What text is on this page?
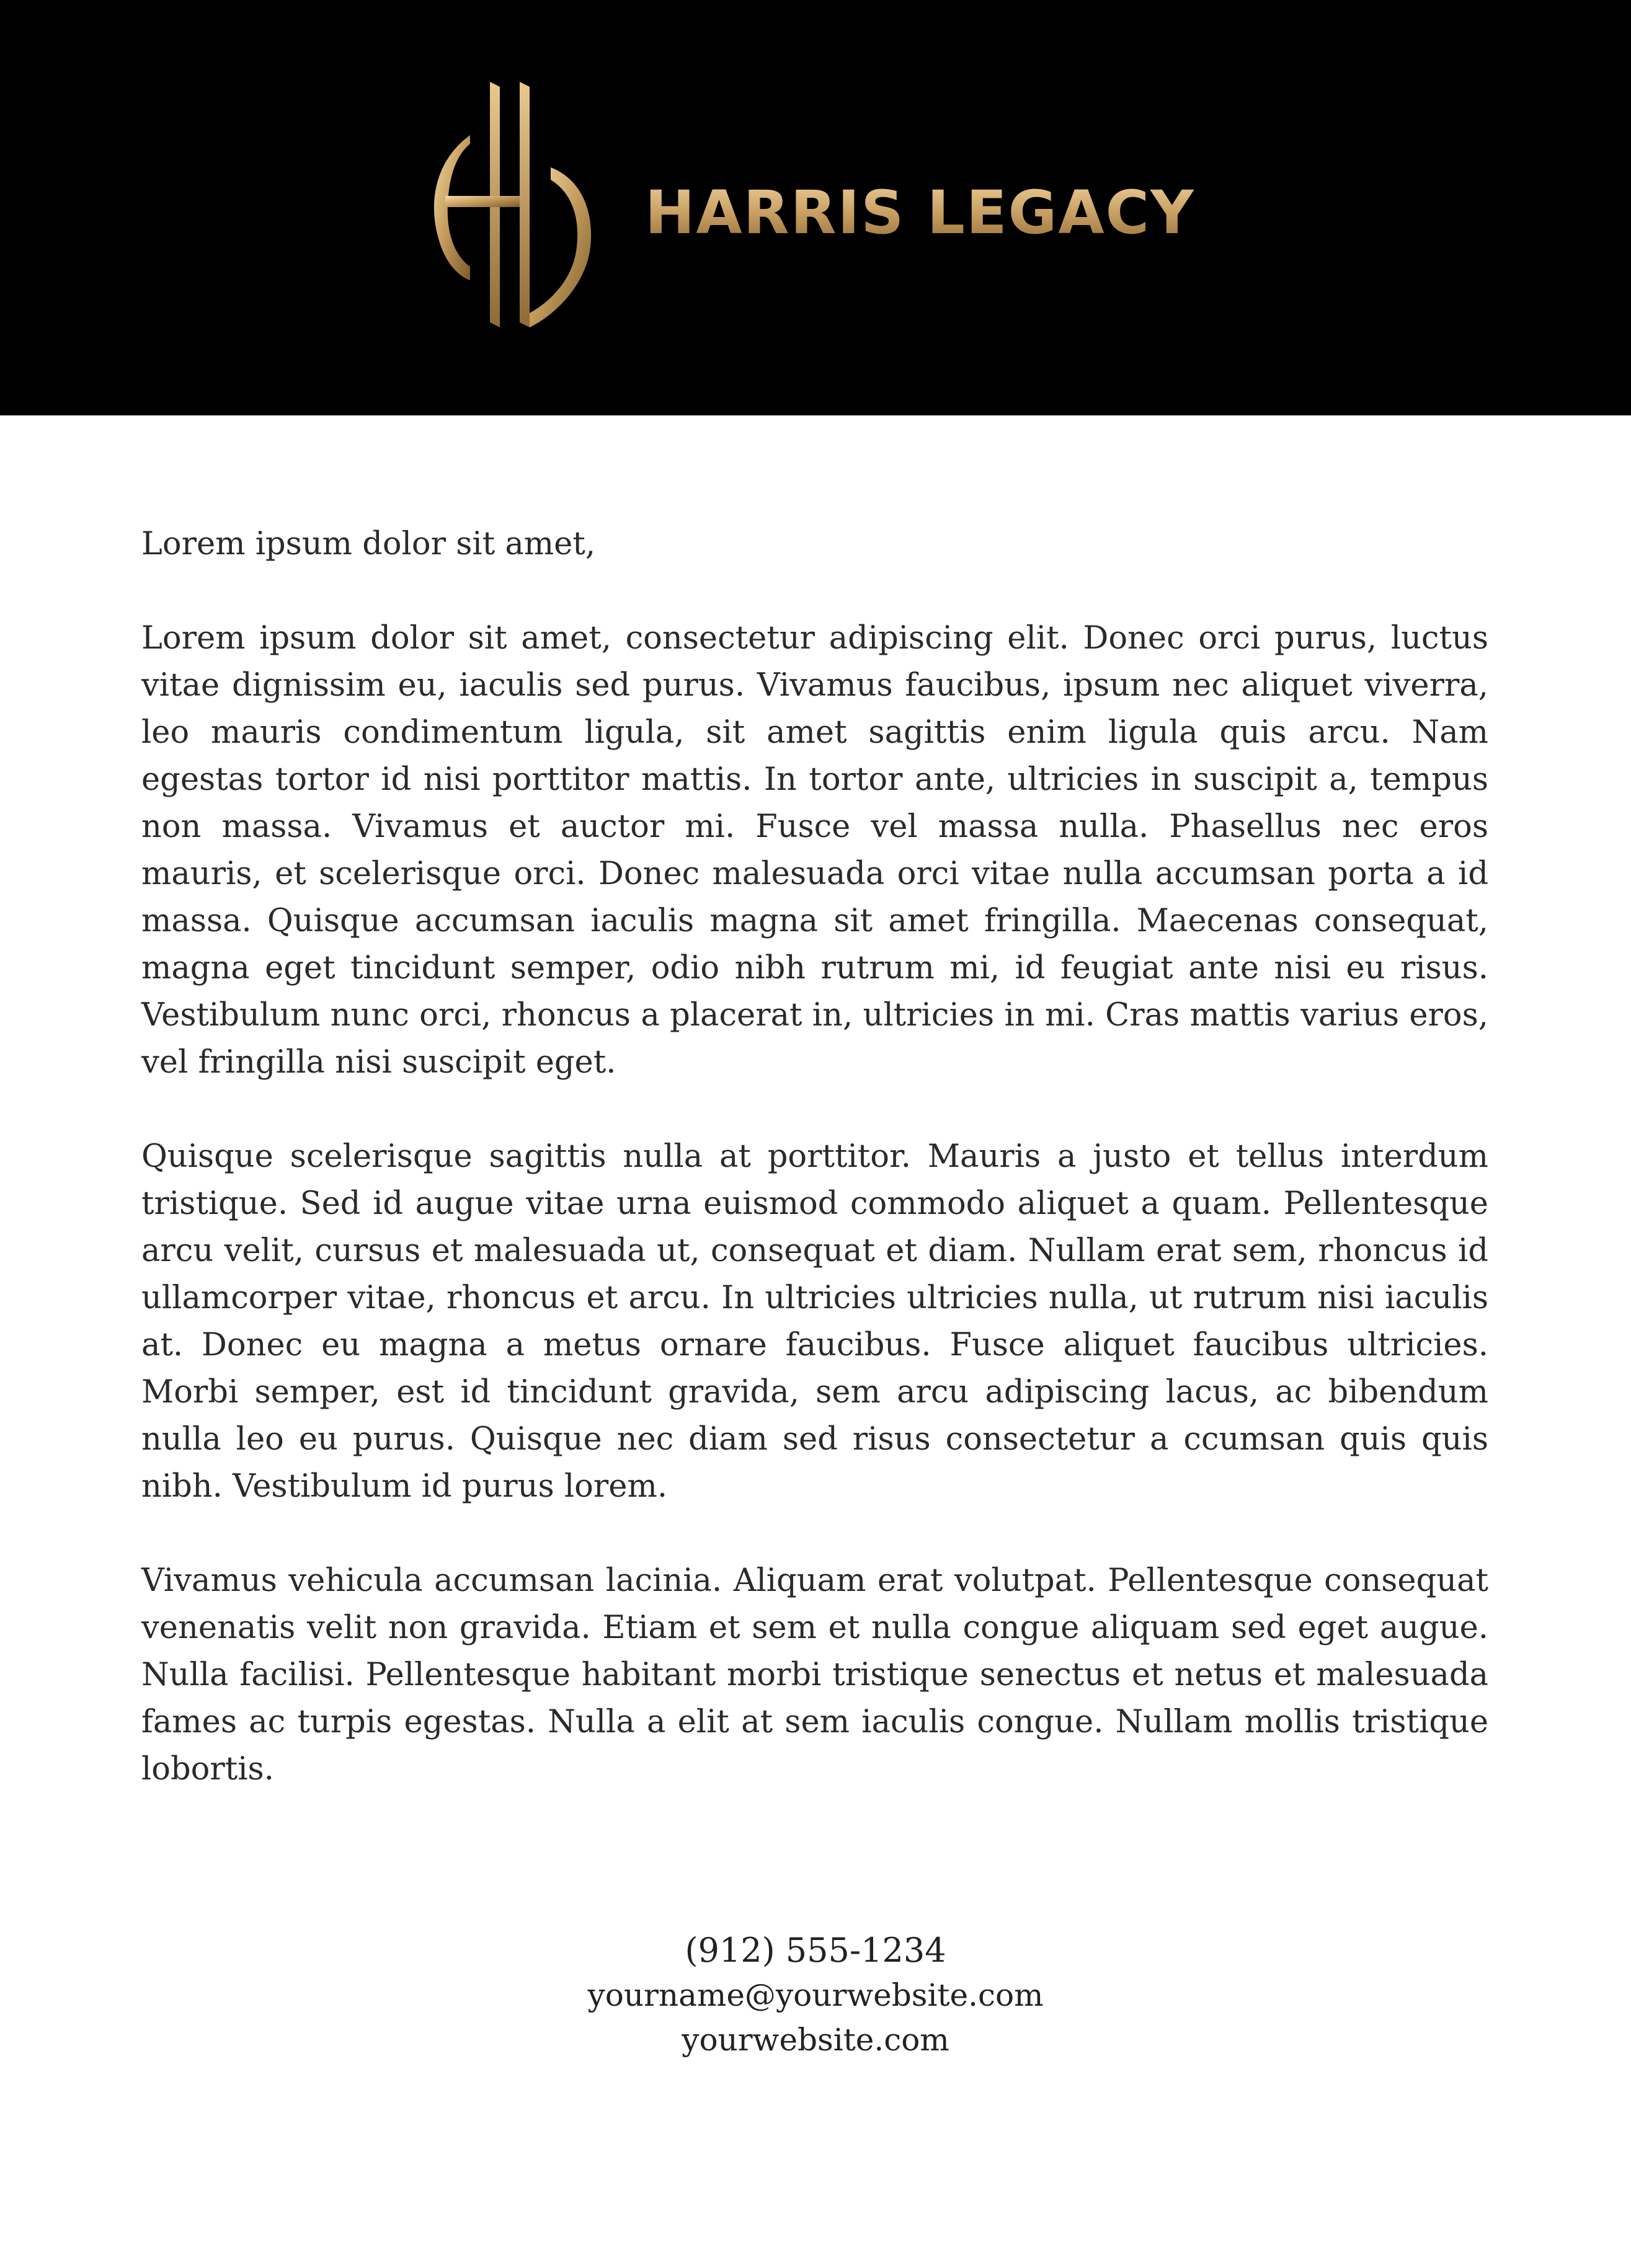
HARRIS LEGACY

Lorem ipsum dolor sit amet,

Lorem ipsum dolor sit amet, consectetur adipiscing elit. Donec orci purus, luctus vitae dignissim eu, iaculis sed purus. Vivamus faucibus, ipsum nec aliquet viverra, leo mauris condimentum ligula, sit amet sagittis enim ligula quis arcu. Nam egestas tortor id nisi porttitor mattis. In tortor ante, ultricies in suscipit a, tempus non massa. Vivamus et auctor mi. Fusce vel massa nulla. Phasellus nec eros mauris, et scelerisque orci. Donec malesuada orci vitae nulla accumsan porta a id massa. Quisque accumsan iaculis magna sit amet fringilla. Maecenas consequat, magna eget tincidunt semper, odio nibh rutrum mi, id feugiat ante nisi eu risus. Vestibulum nunc orci, rhoncus a placerat in, ultricies in mi. Cras mattis varius eros, vel fringilla nisi suscipit eget.

Quisque scelerisque sagittis nulla at porttitor. Mauris a justo et tellus interdum tristique. Sed id augue vitae urna euismod commodo aliquet a quam. Pellentesque arcu velit, cursus et malesuada ut, consequat et diam. Nullam erat sem, rhoncus id ullamcorper vitae, rhoncus et arcu. In ultricies ultricies nulla, ut rutrum nisi iaculis at. Donec eu magna a metus ornare faucibus. Fusce aliquet faucibus ultricies. Morbi semper, est id tincidunt gravida, sem arcu adipiscing lacus, ac bibendum nulla leo eu purus. Quisque nec diam sed risus consectetur a ccumsan quis quis nibh. Vestibulum id purus lorem.

Vivamus vehicula accumsan lacinia. Aliquam erat volutpat. Pellentesque consequat venenatis velit non gravida. Etiam et sem et nulla congue aliquam sed eget augue. Nulla facilisi. Pellentesque habitant morbi tristique senectus et netus et malesuada fames ac turpis egestas. Nulla a elit at sem iaculis congue. Nullam mollis tristique lobortis.

(912) 555-1234
yourname@yourwebsite.com
yourwebsite.com
